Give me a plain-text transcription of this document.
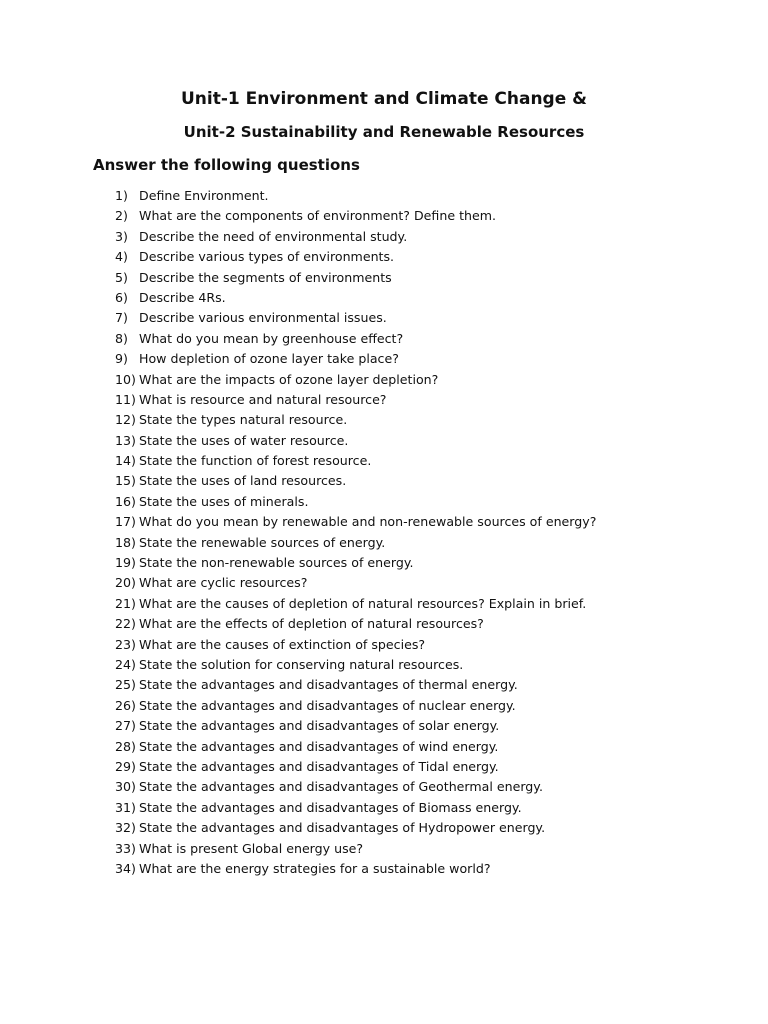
Unit-1 Environment and Climate Change &
Unit-2 Sustainability and Renewable Resources
Answer the following questions
1) Define Environment.
2) What are the components of environment? Define them.
3) Describe the need of environmental study.
4) Describe various types of environments.
5) Describe the segments of environments
6) Describe 4Rs.
7) Describe various environmental issues.
8) What do you mean by greenhouse effect?
9) How depletion of ozone layer take place?
10) What are the impacts of ozone layer depletion?
11) What is resource and natural resource?
12) State the types natural resource.
13) State the uses of water resource.
14) State the function of forest resource.
15) State the uses of land resources.
16) State the uses of minerals.
17) What do you mean by renewable and non-renewable sources of energy?
18) State the renewable sources of energy.
19) State the non-renewable sources of energy.
20) What are cyclic resources?
21) What are the causes of depletion of natural resources? Explain in brief.
22) What are the effects of depletion of natural resources?
23) What are the causes of extinction of species?
24) State the solution for conserving natural resources.
25) State the advantages and disadvantages of thermal energy.
26) State the advantages and disadvantages of nuclear energy.
27) State the advantages and disadvantages of solar energy.
28) State the advantages and disadvantages of wind energy.
29) State the advantages and disadvantages of Tidal energy.
30) State the advantages and disadvantages of Geothermal energy.
31) State the advantages and disadvantages of Biomass energy.
32) State the advantages and disadvantages of Hydropower energy.
33) What is present Global energy use?
34) What are the energy strategies for a sustainable world?
